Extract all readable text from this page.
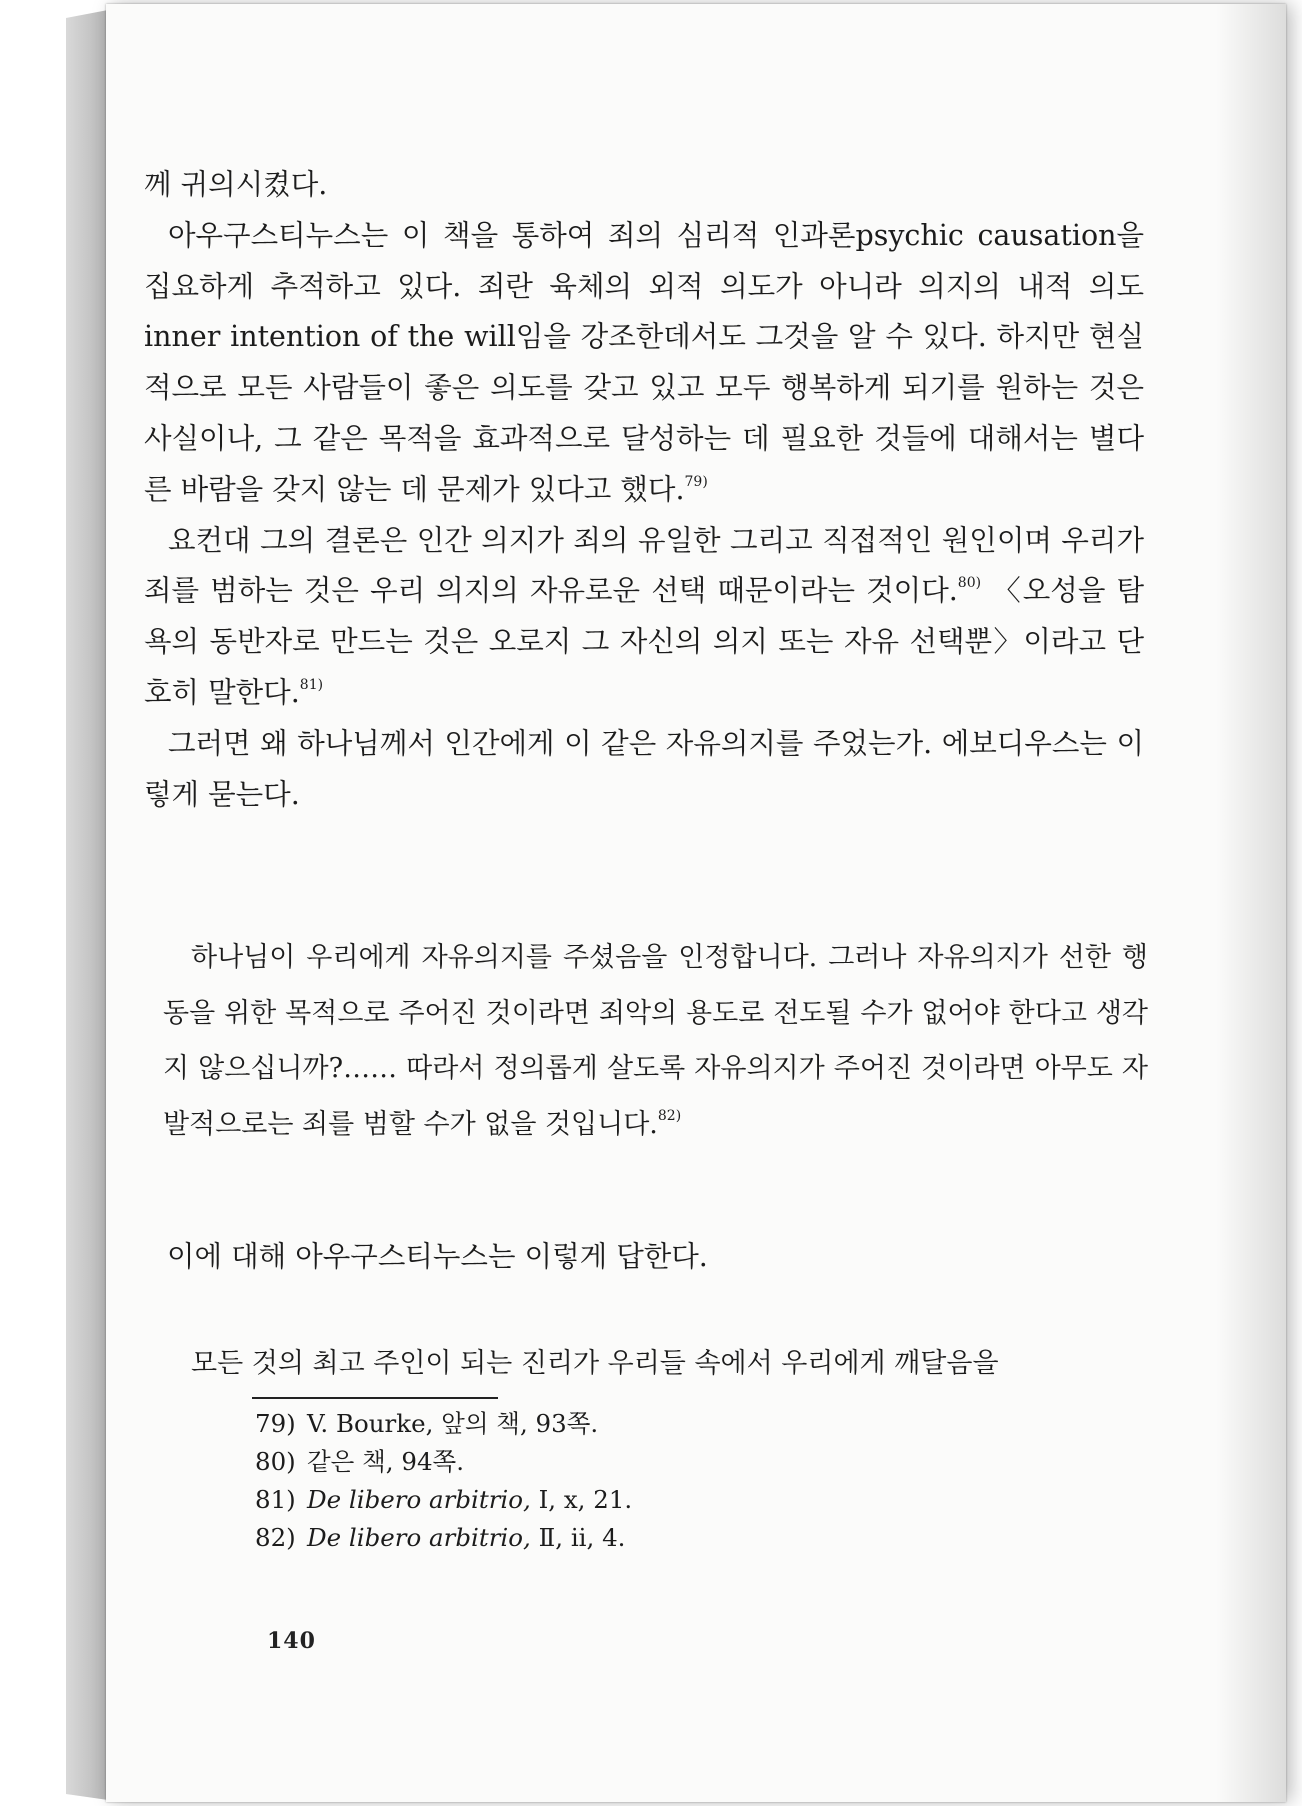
께 귀의시켰다.

아우구스티누스는 이 책을 통하여 죄의 심리적 인과론psychic causation을 집요하게 추적하고 있다. 죄란 육체의 외적 의도가 아니라 의지의 내적 의도inner intention of the will임을 강조한데서도 그것을 알 수 있다. 하지만 현실적으로 모든 사람들이 좋은 의도를 갖고 있고 모두 행복하게 되기를 원하는 것은 사실이나, 그 같은 목적을 효과적으로 달성하는 데 필요한 것들에 대해서는 별다른 바람을 갖지 않는 데 문제가 있다고 했다.$^{79)}$

요컨대 그의 결론은 인간 의지가 죄의 유일한 그리고 직접적인 원인이며 우리가 죄를 범하는 것은 우리 의지의 자유로운 선택 때문이라는 것이다.$^{80)}$ 〈오성을 탐욕의 동반자로 만드는 것은 오로지 그 자신의 의지 또는 자유 선택뿐〉이라고 단호히 말한다.$^{81)}$

그러면 왜 하나님께서 인간에게 이 같은 자유의지를 주었는가. 에보디우스는 이렇게 묻는다.

하나님이 우리에게 자유의지를 주셨음을 인정합니다. 그러나 자유의지가 선한 행동을 위한 목적으로 주어진 것이라면 죄악의 용도로 전도될 수가 없어야 한다고 생각지 않으십니까?…… 따라서 정의롭게 살도록 자유의지가 주어진 것이라면 아무도 자발적으로는 죄를 범할 수가 없을 것입니다.$^{82)}$

이에 대해 아우구스티누스는 이렇게 답한다.

모든 것의 최고 주인이 되는 진리가 우리들 속에서 우리에게 깨달음을

79) V. Bourke, 앞의 책, 93쪽.
80) 같은 책, 94쪽.
81) De libero arbitrio, Ⅰ, x, 21.
82) De libero arbitrio, Ⅱ, ii, 4.
140
